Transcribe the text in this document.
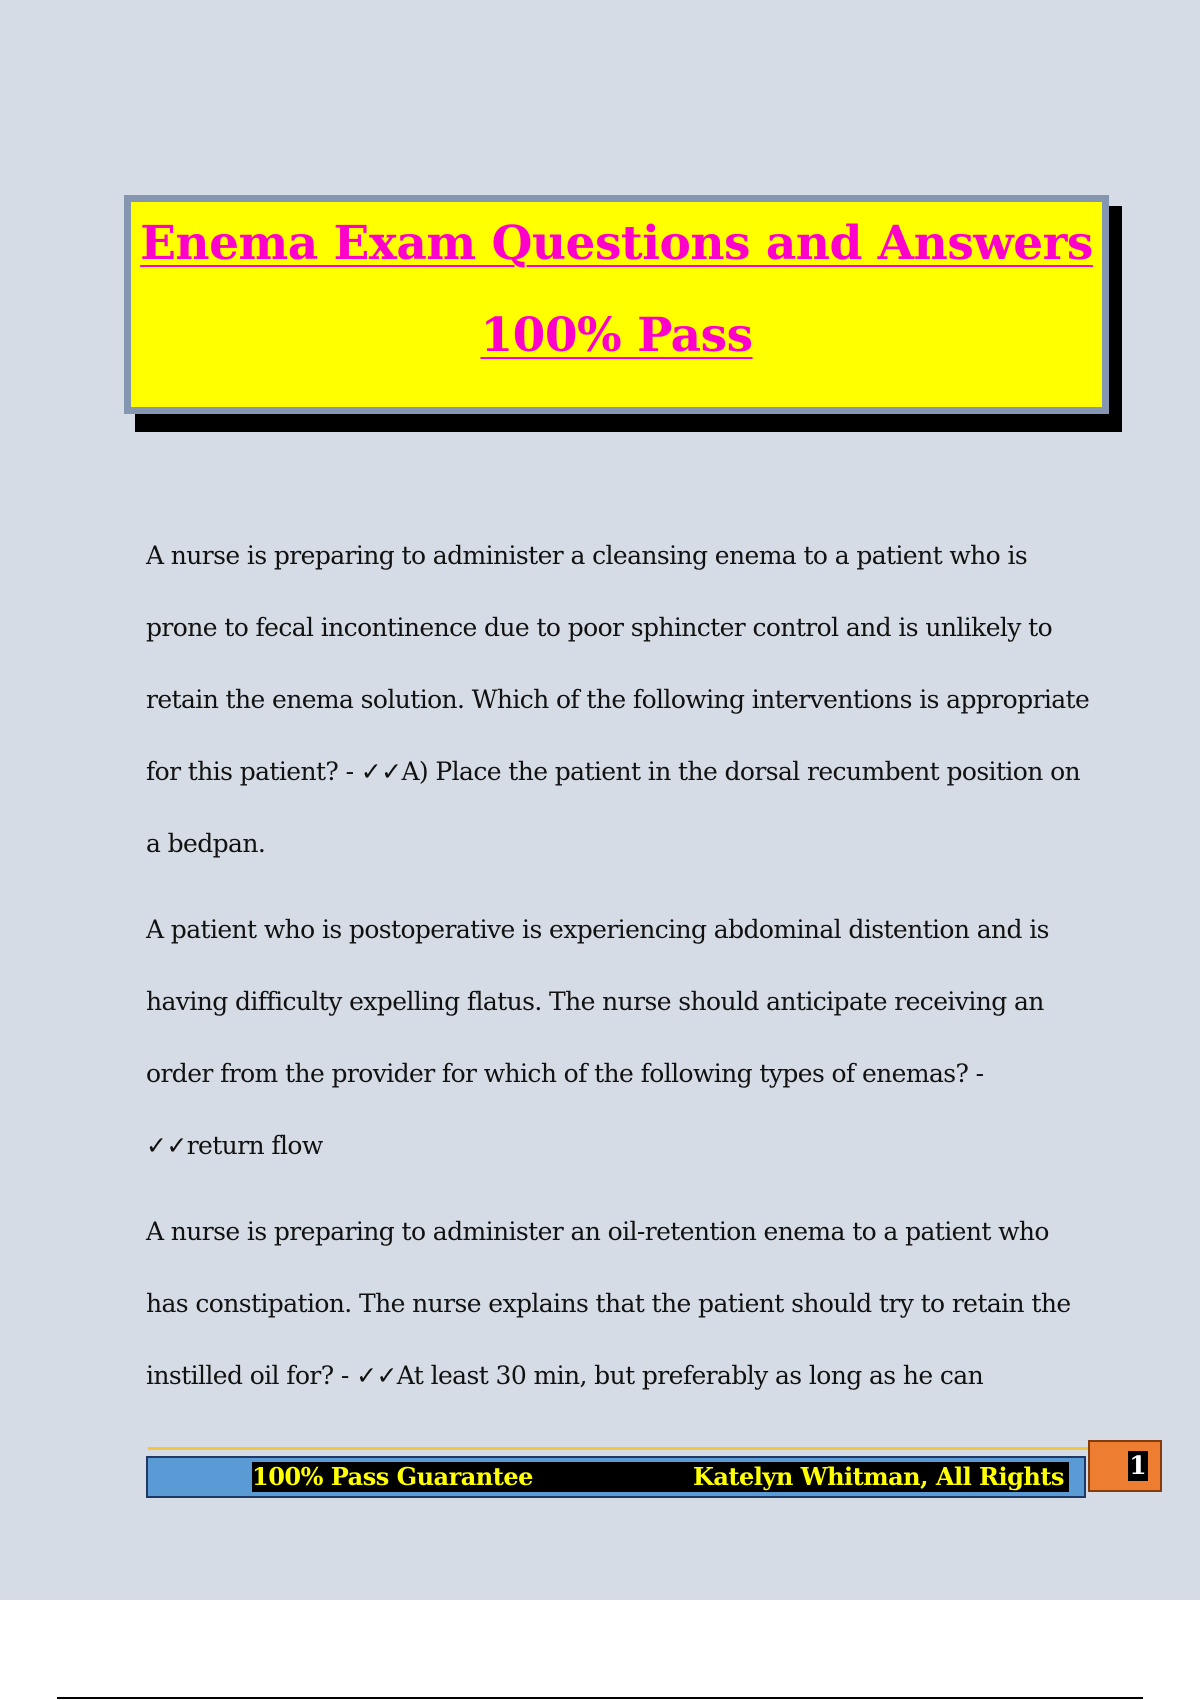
Enema Exam Questions and Answers
100% Pass

A nurse is preparing to administer a cleansing enema to a patient who is prone to fecal incontinence due to poor sphincter control and is unlikely to retain the enema solution. Which of the following interventions is appropriate for this patient? - ✓✓A) Place the patient in the dorsal recumbent position on a bedpan.

A patient who is postoperative is experiencing abdominal distention and is having difficulty expelling flatus. The nurse should anticipate receiving an order from the provider for which of the following types of enemas? - ✓✓return flow

A nurse is preparing to administer an oil-retention enema to a patient who has constipation. The nurse explains that the patient should try to retain the instilled oil for? - ✓✓At least 30 min, but preferably as long as he can

100% Pass Guarantee	Katelyn Whitman, All Rights	1
